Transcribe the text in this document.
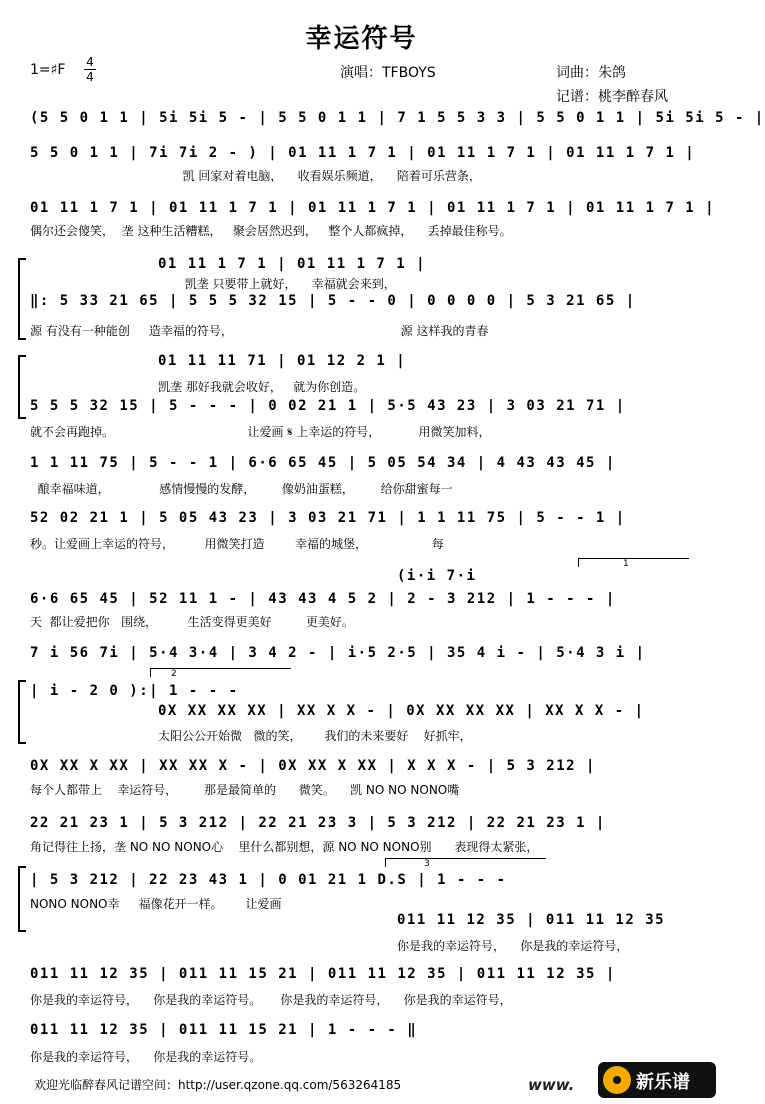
幸运符号
1=♯F 4
4	演唱：TFBOYS	词曲：朱鸽
记谱：桃李醉春风
1
2
3
(5 5 0 1 1 | 5i 5i 5 - | 5 5 0 1 1 | 7 1 5 5 3 3 | 5 5 0 1 1 | 5i 5i 5 - |
5 5 0 1 1 | 7i 7i 2 - ) | 01 11 1 7 1 | 01 11 1 7 1 | 01 11 1 7 1 |
01 11 1 7 1 | 01 11 1 7 1 | 01 11 1 7 1 | 01 11 1 7 1 | 01 11 1 7 1 |
01 11 1 7 1 | 01 11 1 7 1 |
‖: 5 33 21 65 | 5 5 5 32 15 | 5 - - 0 | 0 0 0 0 | 5 3 21 65 |
01 11 11 71 | 01 12 2 1 |
5 5 5 32 15 | 5 - - - | 0 02 21 1 | 5·5 43 23 | 3 03 21 71 |
1 1 11 75 | 5 - - 1 | 6·6 65 45 | 5 05 54 34 | 4 43 43 45 |
52 02 21 1 | 5 05 43 23 | 3 03 21 71 | 1 1 11 75 | 5 - - 1 |
(i·i 7·i
6·6 65 45 | 52 11 1 - | 43 43 4 5 2 | 2 - 3 212 | 1 - - - |
7 i 56 7i | 5·4 3·4 | 3 4 2 - | i·5 2·5 | 35 4 i - | 5·4 3 i |
| i - 2 0 ):| 1 - - -
0X XX XX XX | XX X X - | 0X XX XX XX | XX X X - |
0X XX X XX | XX XX X - | 0X XX X XX | X X X - | 5 3 212 |
22 21 23 1 | 5 3 212 | 22 21 23 3 | 5 3 212 | 22 21 23 1 |
| 5 3 212 | 22 23 43 1 | 0 01 21 1 D.S | 1 - - -
011 11 12 35 | 011 11 12 35
011 11 12 35 | 011 11 15 21 | 011 11 12 35 | 011 11 12 35 |
011 11 12 35 | 011 11 15 21 | 1 - - - ‖
凯 回家对着电脑，    收看娱乐频道，    陪着可乐营条，
偶尔还会傻笑，  垄 这种生活糟糕，   聚会居然迟到，   整个人都疯掉，    丢掉最佳称号。
凯垄 只要带上就好，    幸福就会来到，
源 有没有一种能创     造幸福的符号，                                            源 这样我的青春
凯垄 那好我就会收好，   就为你创造。
就不会再跑掉。                                   让爱画 𝄋 上幸运的符号，          用微笑加料，
酿幸福味道，             感情慢慢的发酵，       像奶油蛋糕，       给你甜蜜每一
秒。让爱画上幸运的符号，        用微笑打造        幸福的城堡，                 每
天  都让爱把你   围绕，        生活变得更美好         更美好。
太阳公公开始微   微的笑，      我们的未来要好    好抓牢，
每个人都带上    幸运符号，       那是最简单的      微笑。    凯 NO NO NONO嘴
角记得往上扬，垄 NO NO NONO心    里什么都别想，源 NO NO NONO别      表现得太紧张，
NONO NONO幸     福像花开一样。      让爱画
你是我的幸运符号，    你是我的幸运符号，
你是我的幸运符号，    你是我的幸运符号。     你是我的幸运符号，    你是我的幸运符号，
你是我的幸运符号，    你是我的幸运符号。
欢迎光临醉春风记谱空间：http://user.qzone.qq.com/563264185	www.	新乐谱
